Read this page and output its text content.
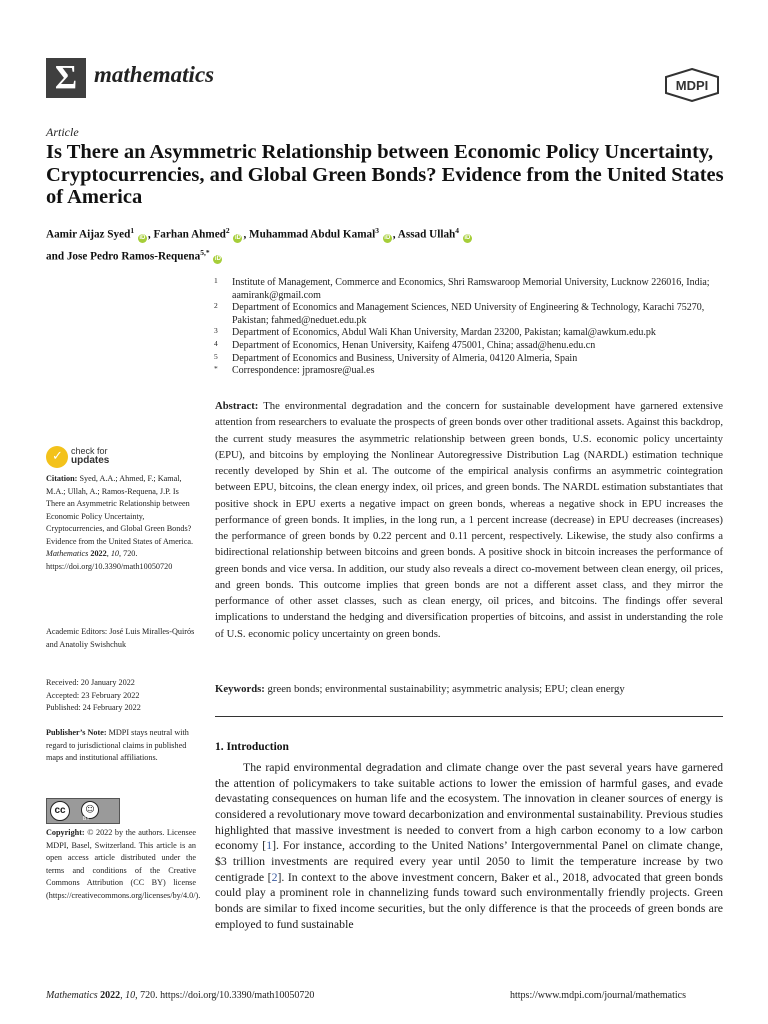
Σ mathematics	MDPI
Article
Is There an Asymmetric Relationship between Economic Policy Uncertainty, Cryptocurrencies, and Global Green Bonds? Evidence from the United States of America
Aamir Aijaz Syed$^1$ iD , Farhan Ahmed$^2$ iD , Muhammad Abdul Kamal$^3$ iD , Assad Ullah$^4$ iD
and Jose Pedro Ramos-Requena$^{5,*}$ iD
1 Institute of Management, Commerce and Economics, Shri Ramswaroop Memorial University, Lucknow 226016, India; aamirank@gmail.com
2 Department of Economics and Management Sciences, NED University of Engineering & Technology, Karachi 75270, Pakistan; fahmed@neduet.edu.pk
3 Department of Economics, Abdul Wali Khan University, Mardan 23200, Pakistan; kamal@awkum.edu.pk
4 Department of Economics, Henan University, Kaifeng 475001, China; assad@henu.edu.cn
5 Department of Economics and Business, University of Almeria, 04120 Almeria, Spain
* Correspondence: jpramosre@ual.es
Abstract: The environmental degradation and the concern for sustainable development have garnered extensive attention from researchers to evaluate the prospects of green bonds over other traditional assets. Against this backdrop, the current study measures the asymmetric relationship between green bonds, U.S. economic policy uncertainty (EPU), and bitcoins by employing the Nonlinear Autoregressive Distribution Lag (NARDL) estimation technique recently developed by Shin et al. The outcome of the empirical analysis confirms an asymmetric cointegration between EPU, bitcoins, the clean energy index, oil prices, and green bonds. The NARDL estimation substantiates that positive shock in EPU exerts a negative impact on green bonds, whereas a negative shock in EPU increases the performance of green bonds. It implies, in the long run, a 1 percent increase (decrease) in EPU decreases (increases) the performance of green bonds by 0.22 percent and 0.11 percent, respectively. Likewise, the study also confirms a bidirectional relationship between bitcoins and green bonds. A positive shock in bitcoin increases the performance of green bonds and vice versa. In addition, our study also reveals a direct co-movement between clean energy, oil prices, and green bonds. This outcome implies that green bonds are not a different asset class, and they mirror the performance of other asset classes, such as clean energy, oil prices, and bitcoins. The findings offer several implications to understand the hedging and diversification properties of bitcoins, and assist in understanding the role of U.S. economic policy uncertainty on green bonds.
Keywords: green bonds; environmental sustainability; asymmetric analysis; EPU; clean energy
1. Introduction
The rapid environmental degradation and climate change over the past several years have garnered the attention of policymakers to take suitable actions to lower the emission of harmful gases, and evade devastating consequences on human life and the ecosystem. The innovation in cleaner sources of energy is considered a revolutionary move toward decarbonization and environmental sustainability. Previous studies highlighted that massive investment is needed to convert from a high carbon economy to a low carbon economy [1]. For instance, according to the United Nations’ Intergovernmental Panel on climate change, $3 trillion investments are required every year until 2050 to limit the temperature increase by two centigrade [2]. In context to the above investment concern, Baker et al., 2018, advocated that green bonds could play a prominent role in channelizing funds toward such environmentally friendly projects. Green bonds are similar to fixed income securities, but the only difference is that the proceeds of green bonds are employed to fund sustainable
✓ check for
updates
Citation: Syed, A.A.; Ahmed, F.; Kamal, M.A.; Ullah, A.; Ramos-Requena, J.P. Is There an Asymmetric Relationship between Economic Policy Uncertainty, Cryptocurrencies, and Global Green Bonds? Evidence from the United States of America. Mathematics 2022, 10, 720. https://doi.org/10.3390/math10050720
Academic Editors: José Luis Miralles-Quirós and Anatoliy Swishchuk
Received: 20 January 2022
Accepted: 23 February 2022
Published: 24 February 2022
Publisher’s Note: MDPI stays neutral with regard to jurisdictional claims in published maps and institutional affiliations.
cc	☺
BY
Copyright: © 2022 by the authors. Licensee MDPI, Basel, Switzerland. This article is an open access article distributed under the terms and conditions of the Creative Commons Attribution (CC BY) license (https://creativecommons.org/licenses/by/4.0/).
Mathematics 2022, 10, 720. https://doi.org/10.3390/math10050720	https://www.mdpi.com/journal/mathematics
